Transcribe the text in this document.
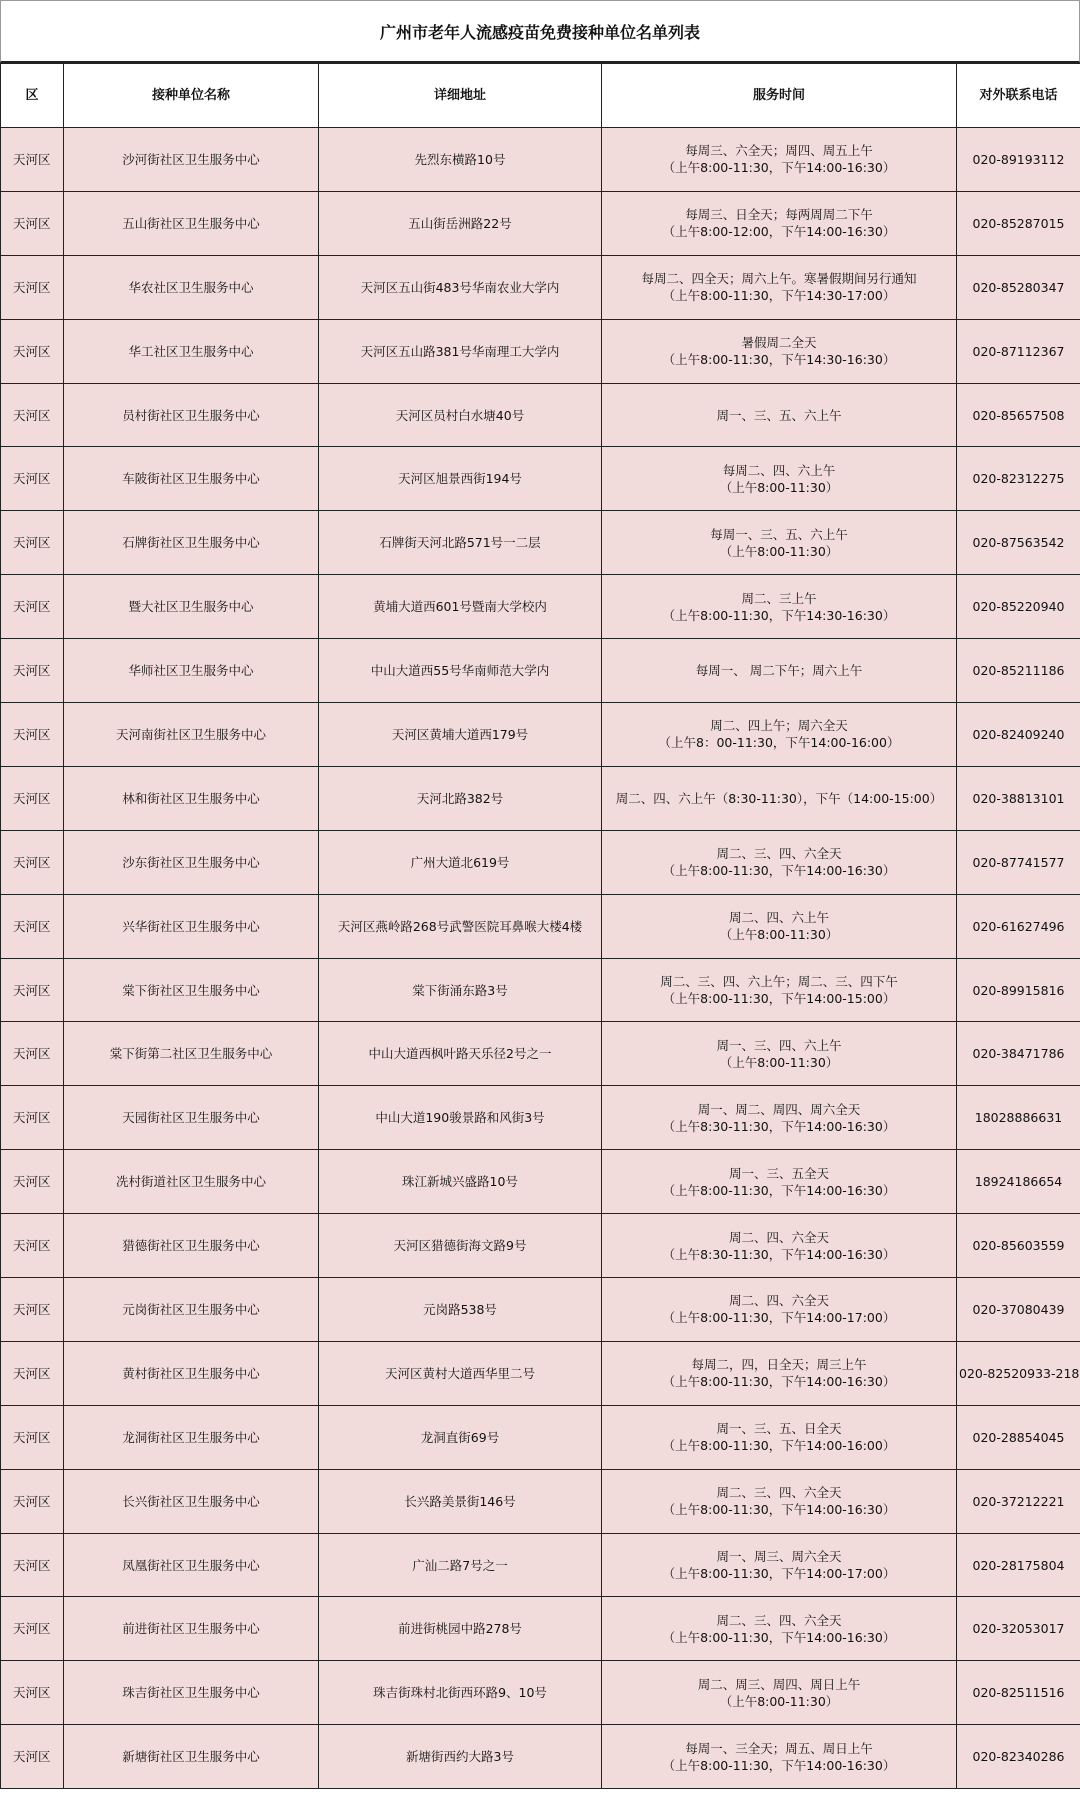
广州市老年人流感疫苗免费接种单位名单列表
区	接种单位名称	详细地址	服务时间	对外联系电话

天河区	沙河街社区卫生服务中心	先烈东横路10号	每周三、六全天；周四、周五上午
（上午8:00-11:30，下午14:00-16:30）	020-89193112

天河区	五山街社区卫生服务中心	五山街岳洲路22号	每周三、日全天；每两周周二下午
（上午8:00-12:00，下午14:00-16:30）	020-85287015

天河区	华农社区卫生服务中心	天河区五山街483号华南农业大学内	每周二、四全天；周六上午。寒暑假期间另行通知
（上午8:00-11:30，下午14:30-17:00）	020-85280347

天河区	华工社区卫生服务中心	天河区五山路381号华南理工大学内	暑假周二全天
（上午8:00-11:30，下午14:30-16:30）	020-87112367

天河区	员村街社区卫生服务中心	天河区员村白水塘40号	周一、三、五、六上午	020-85657508

天河区	车陂街社区卫生服务中心	天河区旭景西街194号	每周二、四、六上午
（上午8:00-11:30）	020-82312275

天河区	石牌街社区卫生服务中心	石牌街天河北路571号一二层	每周一、三、五、六上午
（上午8:00-11:30）	020-87563542

天河区	暨大社区卫生服务中心	黄埔大道西601号暨南大学校内	周二、三上午
（上午8:00-11:30，下午14:30-16:30）	020-85220940

天河区	华师社区卫生服务中心	中山大道西55号华南师范大学内	每周一、 周二下午；周六上午	020-85211186

天河区	天河南街社区卫生服务中心	天河区黄埔大道西179号	周二、四上午；周六全天
（上午8：00-11:30，下午14:00-16:00）	020-82409240

天河区	林和街社区卫生服务中心	天河北路382号	周二、四、六上午（8:30-11:30），下午（14:00-15:00）	020-38813101

天河区	沙东街社区卫生服务中心	广州大道北619号	周二、三、四、六全天
（上午8:00-11:30，下午14:00-16:30）	020-87741577

天河区	兴华街社区卫生服务中心	天河区燕岭路268号武警医院耳鼻喉大楼4楼	周二、四、六上午
（上午8:00-11:30）	020-61627496

天河区	棠下街社区卫生服务中心	棠下街涌东路3号	周二、三、四、六上午；周二、三、四下午
（上午8:00-11:30，下午14:00-15:00）	020-89915816

天河区	棠下街第二社区卫生服务中心	中山大道西枫叶路天乐径2号之一	周一、三、四、六上午
（上午8:00-11:30）	020-38471786

天河区	天园街社区卫生服务中心	中山大道190骏景路和风街3号	周一、周二、周四、周六全天
（上午8:30-11:30，下午14:00-16:30）	18028886631

天河区	冼村街道社区卫生服务中心	珠江新城兴盛路10号	周一、三、五全天
（上午8:00-11:30，下午14:00-16:30）	18924186654

天河区	猎德街社区卫生服务中心	天河区猎德街海文路9号	周二、四、六全天
（上午8:30-11:30，下午14:00-16:30）	020-85603559

天河区	元岗街社区卫生服务中心	元岗路538号	周二、四、六全天
（上午8:00-11:30，下午14:00-17:00）	020-37080439

天河区	黄村街社区卫生服务中心	天河区黄村大道西华里二号	每周二，四，日全天；周三上午
（上午8:00-11:30，下午14:00-16:30）	020-82520933-218

天河区	龙洞街社区卫生服务中心	龙洞直街69号	周一、三、五、日全天
（上午8:00-11:30，下午14:00-16:00）	020-28854045

天河区	长兴街社区卫生服务中心	长兴路美景街146号	周二、三、四、六全天
（上午8:00-11:30，下午14:00-16:30）	020-37212221

天河区	凤凰街社区卫生服务中心	广汕二路7号之一	周一、周三、周六全天
（上午8:00-11:30，下午14:00-17:00）	020-28175804

天河区	前进街社区卫生服务中心	前进街桃园中路278号	周二、三、四、六全天
（上午8:00-11:30，下午14:00-16:30）	020-32053017

天河区	珠吉街社区卫生服务中心	珠吉街珠村北街西环路9、10号	周二、周三、周四、周日上午
（上午8:00-11:30）	020-82511516

天河区	新塘街社区卫生服务中心	新塘街西约大路3号	每周一、三全天；周五、周日上午
（上午8:00-11:30，下午14:00-16:30）	020-82340286
